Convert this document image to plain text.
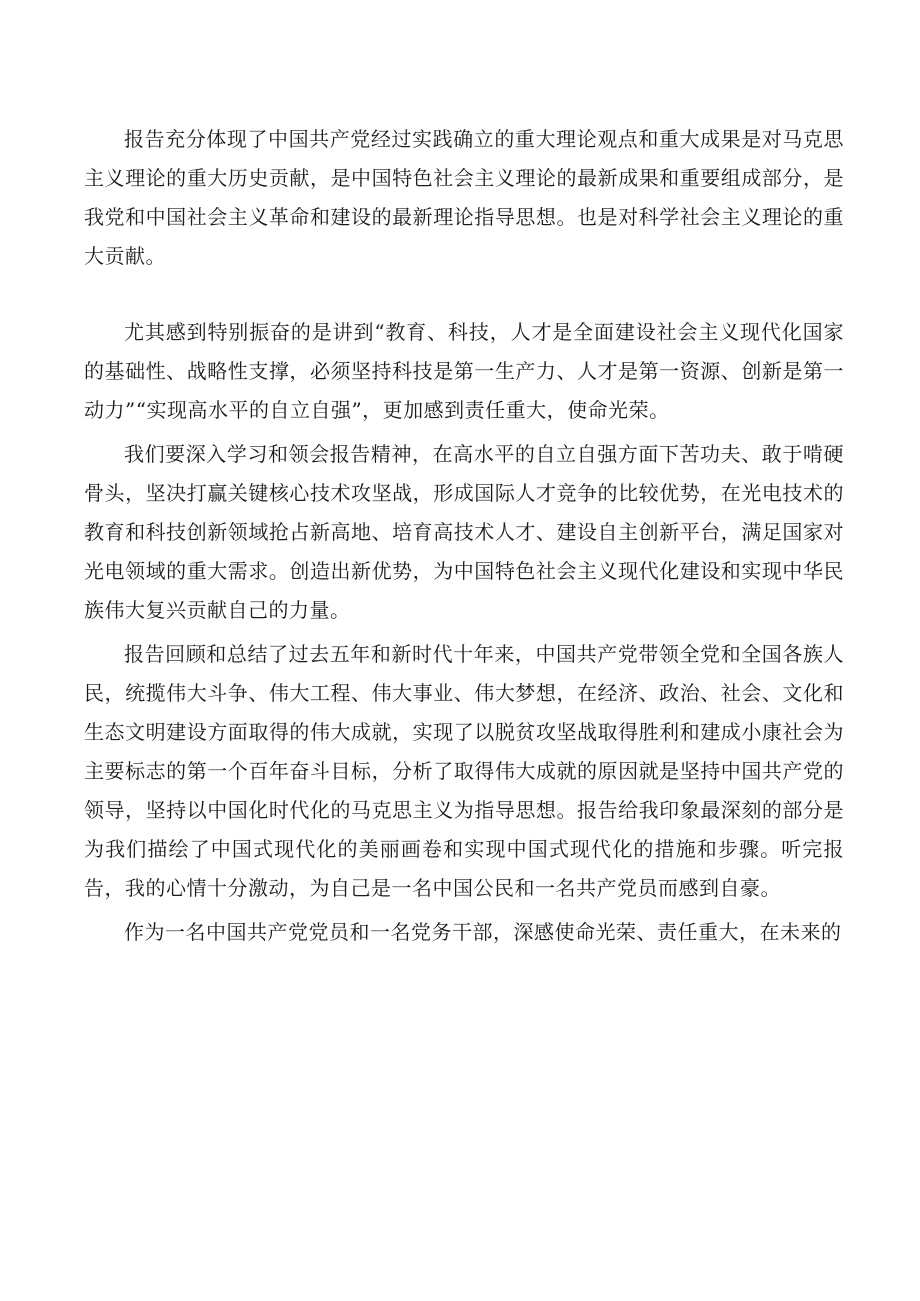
报告充分体现了中国共产党经过实践确立的重大理论观点和重大成果是对马克思主义理论的重大历史贡献，是中国特色社会主义理论的最新成果和重要组成部分，是我党和中国社会主义革命和建设的最新理论指导思想。也是对科学社会主义理论的重大贡献。

尤其感到特别振奋的是讲到“教育、科技，人才是全面建设社会主义现代化国家的基础性、战略性支撑，必须坚持科技是第一生产力、人才是第一资源、创新是第一动力”“实现高水平的自立自强”，更加感到责任重大，使命光荣。

我们要深入学习和领会报告精神，在高水平的自立自强方面下苦功夫、敢于啃硬骨头，坚决打赢关键核心技术攻坚战，形成国际人才竞争的比较优势，在光电技术的教育和科技创新领域抢占新高地、培育高技术人才、建设自主创新平台，满足国家对光电领域的重大需求。创造出新优势，为中国特色社会主义现代化建设和实现中华民族伟大复兴贡献自己的力量。

报告回顾和总结了过去五年和新时代十年来，中国共产党带领全党和全国各族人民，统揽伟大斗争、伟大工程、伟大事业、伟大梦想，在经济、政治、社会、文化和生态文明建设方面取得的伟大成就，实现了以脱贫攻坚战取得胜利和建成小康社会为主要标志的第一个百年奋斗目标，分析了取得伟大成就的原因就是坚持中国共产党的领导，坚持以中国化时代化的马克思主义为指导思想。报告给我印象最深刻的部分是为我们描绘了中国式现代化的美丽画卷和实现中国式现代化的措施和步骤。听完报告，我的心情十分激动，为自己是一名中国公民和一名共产党员而感到自豪。

作为一名中国共产党党员和一名党务干部，深感使命光荣、责任重大，在未来的
